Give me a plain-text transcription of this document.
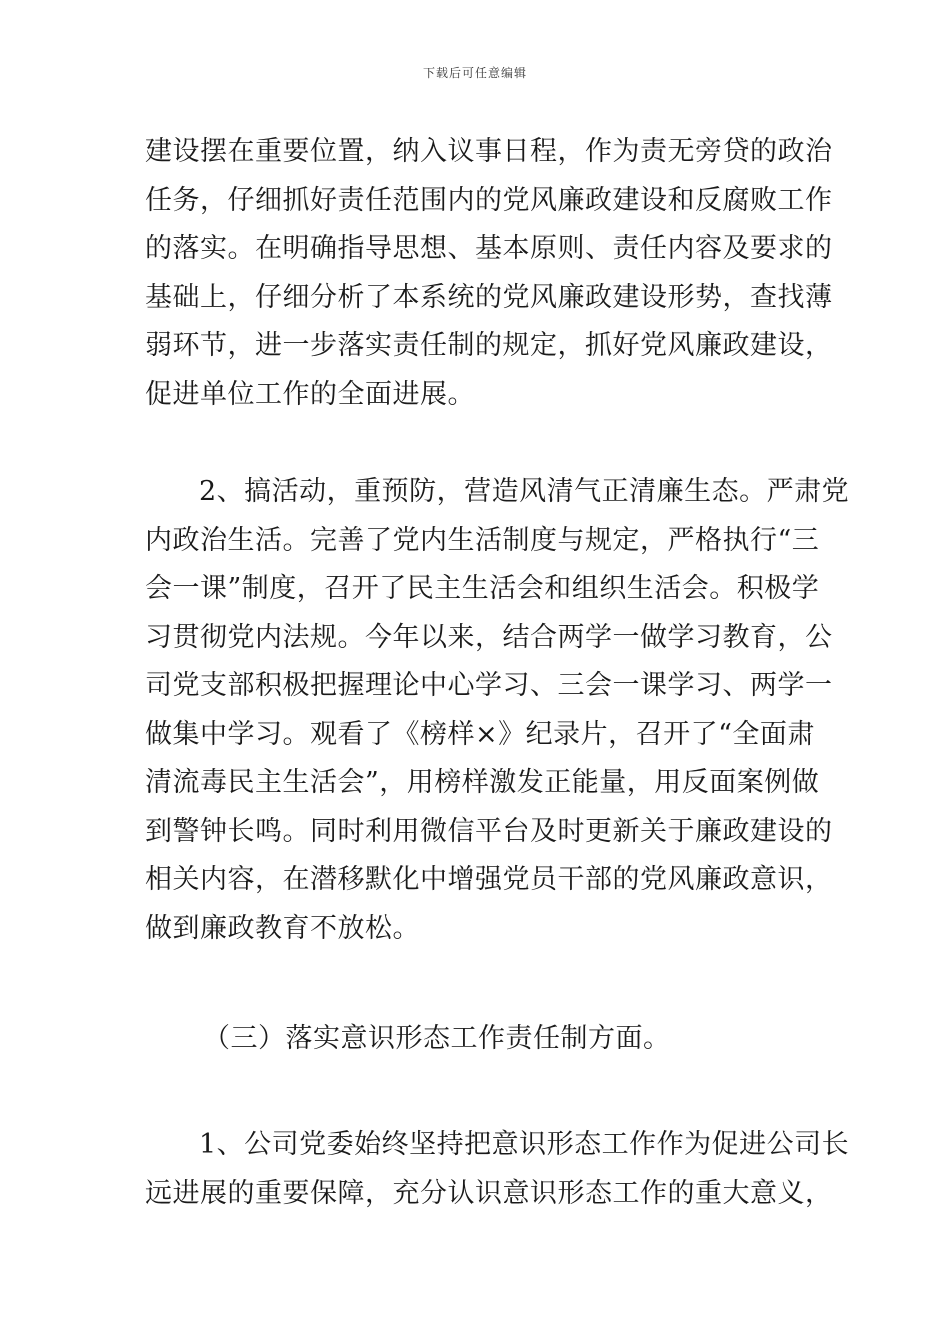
下载后可任意编辑
建设摆在重要位置，纳入议事日程，作为责无旁贷的政治
任务，仔细抓好责任范围内的党风廉政建设和反腐败工作
的落实。在明确指导思想、基本原则、责任内容及要求的
基础上，仔细分析了本系统的党风廉政建设形势，查找薄
弱环节，进一步落实责任制的规定，抓好党风廉政建设，
促进单位工作的全面进展。
2、搞活动，重预防，营造风清气正清廉生态。严肃党
内政治生活。完善了党内生活制度与规定，严格执行“三
会一课”制度，召开了民主生活会和组织生活会。积极学
习贯彻党内法规。今年以来，结合两学一做学习教育，公
司党支部积极把握理论中心学习、三会一课学习、两学一
做集中学习。观看了《榜样×》纪录片，召开了“全面肃
清流毒民主生活会”，用榜样激发正能量，用反面案例做
到警钟长鸣。同时利用微信平台及时更新关于廉政建设的
相关内容，在潜移默化中增强党员干部的党风廉政意识，
做到廉政教育不放松。
（三）落实意识形态工作责任制方面。
1、公司党委始终坚持把意识形态工作作为促进公司长
远进展的重要保障，充分认识意识形态工作的重大意义，
